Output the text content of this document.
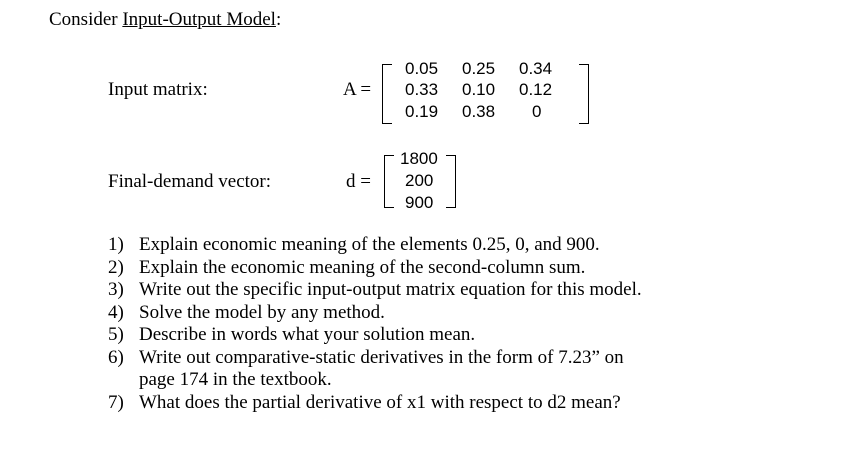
Consider Input-Output Model:
Input matrix:	A =
0.05 0.25 0.34
0.33 0.10 0.12
0.19 0.38 0
Final-demand vector:	d =
1800
200
900
1) Explain economic meaning of the elements 0.25, 0, and 900.
2) Explain the economic meaning of the second-column sum.
3) Write out the specific input-output matrix equation for this model.
4) Solve the model by any method.
5) Describe in words what your solution mean.
6) Write out comparative-static derivatives in the form of 7.23” on
page 174 in the textbook.
7) What does the partial derivative of x1 with respect to d2 mean?
